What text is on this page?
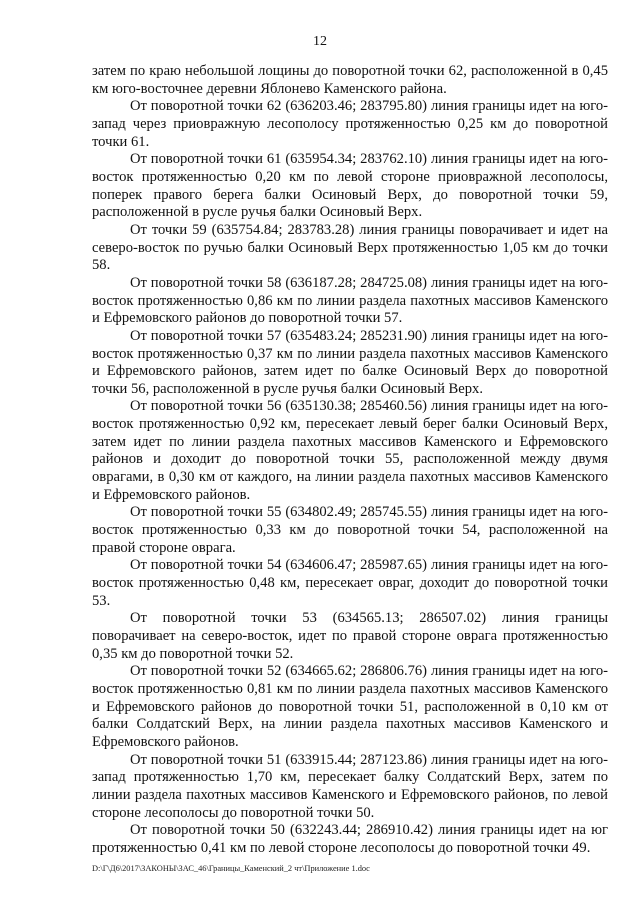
12

затем по краю небольшой лощины до поворотной точки 62, расположенной в 0,45 км юго-восточнее деревни Яблонево Каменского района.

От поворотной точки 62 (636203.46; 283795.80) линия границы идет на юго-запад через приовражную лесополосу протяженностью 0,25 км до поворотной точки 61.

От поворотной точки 61 (635954.34; 283762.10) линия границы идет на юго-восток протяженностью 0,20 км по левой стороне приовражной лесополосы, поперек правого берега балки Осиновый Верх, до поворотной точки 59, расположенной в русле ручья балки Осиновый Верх.

От точки 59 (635754.84; 283783.28) линия границы поворачивает и идет на северо-восток по ручью балки Осиновый Верх протяженностью 1,05 км до точки 58.

От поворотной точки 58 (636187.28; 284725.08) линия границы идет на юго-восток протяженностью 0,86 км по линии раздела пахотных массивов Каменского и Ефремовского районов до поворотной точки 57.

От поворотной точки 57 (635483.24; 285231.90) линия границы идет на юго-восток протяженностью 0,37 км по линии раздела пахотных массивов Каменского и Ефремовского районов, затем идет по балке Осиновый Верх до поворотной точки 56, расположенной в русле ручья балки Осиновый Верх.

От поворотной точки 56 (635130.38; 285460.56) линия границы идет на юго-восток протяженностью 0,92 км, пересекает левый берег балки Осиновый Верх, затем идет по линии раздела пахотных массивов Каменского и Ефремовского районов и доходит до поворотной точки 55, расположенной между двумя оврагами, в 0,30 км от каждого, на линии раздела пахотных массивов Каменского и Ефремовского районов.

От поворотной точки 55 (634802.49; 285745.55) линия границы идет на юго-восток протяженностью 0,33 км до поворотной точки 54, расположенной на правой стороне оврага.

От поворотной точки 54 (634606.47; 285987.65) линия границы идет на юго-восток протяженностью 0,48 км, пересекает овраг, доходит до поворотной точки 53.

От поворотной точки 53 (634565.13; 286507.02) линия границы поворачивает на северо-восток, идет по правой стороне оврага протяженностью 0,35 км до поворотной точки 52.

От поворотной точки 52 (634665.62; 286806.76) линия границы идет на юго-восток протяженностью 0,81 км по линии раздела пахотных массивов Каменского и Ефремовского районов до поворотной точки 51, расположенной в 0,10 км от балки Солдатский Верх, на линии раздела пахотных массивов Каменского и Ефремовского районов.

От поворотной точки 51 (633915.44; 287123.86) линия границы идет на юго-запад протяженностью 1,70 км, пересекает балку Солдатский Верх, затем по линии раздела пахотных массивов Каменского и Ефремовского районов, по левой стороне лесополосы до поворотной точки 50.

От поворотной точки 50 (632243.44; 286910.42) линия границы идет на юг протяженностью 0,41 км по левой стороне лесополосы до поворотной точки 49.

D:\Г\Д6\2017\ЗАКОНЫ\ЗАС_46\Границы_Каменский_2 чт\Приложение 1.doc
